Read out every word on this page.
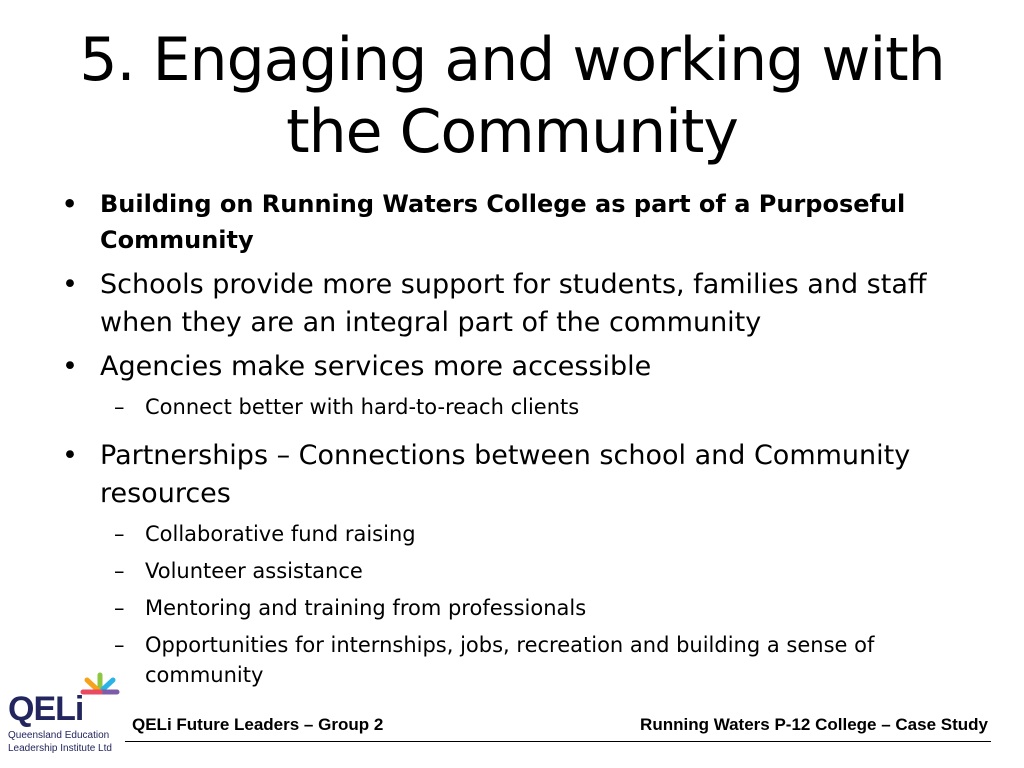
5. Engaging and working with the Community
• Building on Running Waters College as part of a Purposeful Community
• Schools provide more support for students, families and staff when they are an integral part of the community
• Agencies make services more accessible
– Connect better with hard-to-reach clients
• Partnerships – Connections between school and Community resources
– Collaborative fund raising
– Volunteer assistance
– Mentoring and training from professionals
– Opportunities for internships, jobs, recreation and building a sense of community
QELi
Queensland Education
Leadership Institute Ltd
QELi Future Leaders – Group 2	Running Waters P-12 College – Case Study
